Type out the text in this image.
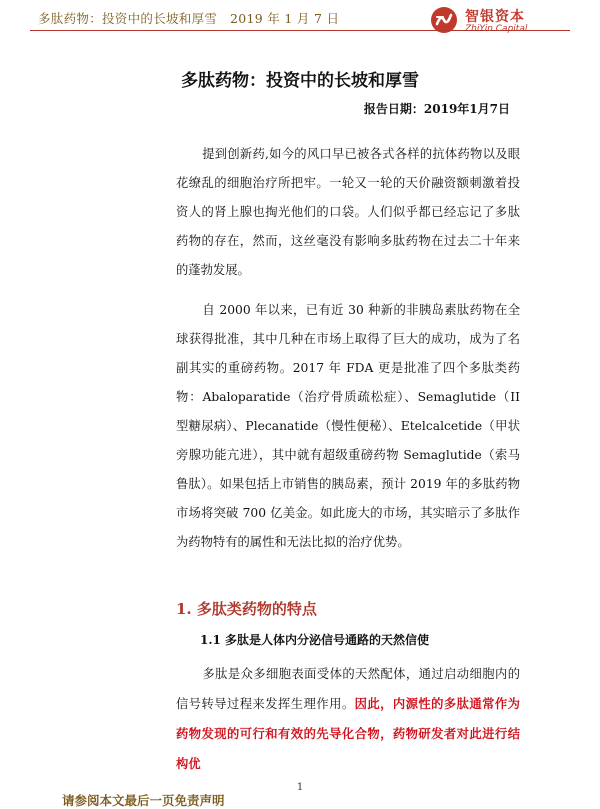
多肽药物：投资中的长坡和厚雪　2019 年 1 月 7 日	智银资本
ZhiYin Capital
多肽药物：投资中的长坡和厚雪
报告日期：2019年1月7日

提到创新药,如今的风口早已被各式各样的抗体药物以及眼花缭乱的细胞治疗所把牢。一轮又一轮的天价融资额刺激着投资人的肾上腺也掏光他们的口袋。人们似乎都已经忘记了多肽药物的存在，然而，这丝毫没有影响多肽药物在过去二十年来的蓬勃发展。

自 2000 年以来，已有近 30 种新的非胰岛素肽药物在全球获得批准，其中几种在市场上取得了巨大的成功，成为了名副其实的重磅药物。2017 年 FDA 更是批准了四个多肽类药物：Abaloparatide（治疗骨质疏松症）、Semaglutide（II 型糖尿病）、Plecanatide（慢性便秘）、Etelcalcetide（甲状旁腺功能亢进），其中就有超级重磅药物 Semaglutide（索马鲁肽）。如果包括上市销售的胰岛素，预计 2019 年的多肽药物市场将突破 700 亿美金。如此庞大的市场，其实暗示了多肽作为药物特有的属性和无法比拟的治疗优势。

1. 多肽类药物的特点
1.1 多肽是人体内分泌信号通路的天然信使

多肽是众多细胞表面受体的天然配体，通过启动细胞内的信号转导过程来发挥生理作用。因此，内源性的多肽通常作为药物发现的可行和有效的先导化合物，药物研发者对此进行结构优

1
请参阅本文最后一页免责声明
